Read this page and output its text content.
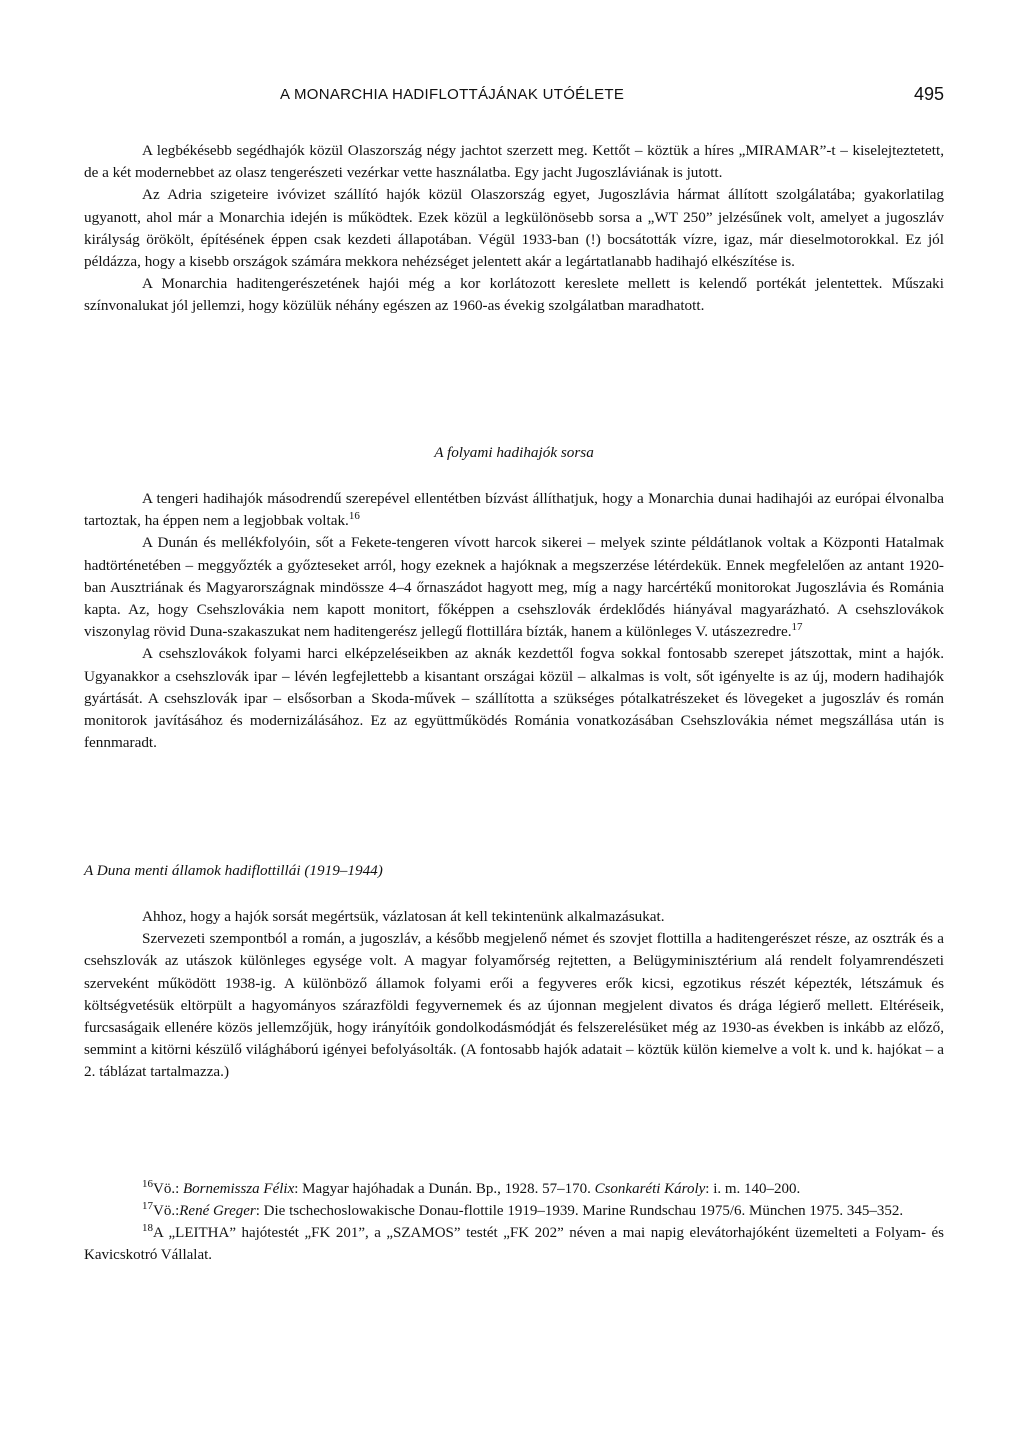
A MONARCHIA HADIFLOTTÁJÁNAK UTÓÉLETE	495

A legbékésebb segédhajók közül Olaszország négy jachtot szerzett meg. Kettőt – köztük a híres „MIRAMAR”-t – kiselejteztetett, de a két modernebbet az olasz tengerészeti vezérkar vette használatba. Egy jacht Jugoszláviának is jutott.

Az Adria szigeteire ivóvizet szállító hajók közül Olaszország egyet, Jugoszlávia hármat állított szolgálatába; gyakorlatilag ugyanott, ahol már a Monarchia idején is működtek. Ezek közül a legkülönösebb sorsa a „WT 250” jelzésűnek volt, amelyet a jugoszláv királyság örökölt, építésének éppen csak kezdeti állapotában. Végül 1933-ban (!) bocsátották vízre, igaz, már dieselmotorokkal. Ez jól példázza, hogy a kisebb országok számára mekkora nehézséget jelentett akár a legártatlanabb hadihajó elkészítése is.

A Monarchia haditengerészetének hajói még a kor korlátozott kereslete mellett is kelendő portékát jelentettek. Műszaki színvonalukat jól jellemzi, hogy közülük néhány egészen az 1960-as évekig szolgálatban maradhatott.

A folyami hadihajók sorsa

A tengeri hadihajók másodrendű szerepével ellentétben bízvást állíthatjuk, hogy a Monarchia dunai hadihajói az európai élvonalba tartoztak, ha éppen nem a legjobbak voltak.$^{16}$

A Dunán és mellékfolyóin, sőt a Fekete-tengeren vívott harcok sikerei – melyek szinte példátlanok voltak a Központi Hatalmak hadtörténetében – meggyőzték a győzteseket arról, hogy ezeknek a hajóknak a megszerzése létérdekük. Ennek megfelelően az antant 1920-ban Ausztriának és Magyarországnak mindössze 4–4 őrnaszádot hagyott meg, míg a nagy harcértékű monitorokat Jugoszlávia és Románia kapta. Az, hogy Csehszlovákia nem kapott monitort, főképpen a csehszlovák érdeklődés hiányával magyarázható. A csehszlovákok viszonylag rövid Duna-szakaszukat nem haditengerész jellegű flottillára bízták, hanem a különleges V. utászezredre.$^{17}$

A csehszlovákok folyami harci elképzeléseikben az aknák kezdettől fogva sokkal fontosabb szerepet játszottak, mint a hajók. Ugyanakkor a csehszlovák ipar – lévén legfejlettebb a kisantant országai közül – alkalmas is volt, sőt igényelte is az új, modern hadihajók gyártását. A csehszlovák ipar – elsősorban a Skoda-művek – szállította a szükséges pótalkatrészeket és lövegeket a jugoszláv és román monitorok javításához és modernizálásához. Ez az együttműködés Románia vonatkozásában Csehszlovákia német megszállása után is fennmaradt.

A Duna menti államok hadiflottillái (1919–1944)

Ahhoz, hogy a hajók sorsát megértsük, vázlatosan át kell tekintenünk alkalmazásukat.

Szervezeti szempontból a román, a jugoszláv, a később megjelenő német és szovjet flottilla a haditengerészet része, az osztrák és a csehszlovák az utászok különleges egysége volt. A magyar folyamőrség rejtetten, a Belügyminisztérium alá rendelt folyamrendészeti szerveként működött 1938-ig. A különböző államok folyami erői a fegyveres erők kicsi, egzotikus részét képezték, létszámuk és költségvetésük eltörpült a hagyományos szárazföldi fegyvernemek és az újonnan megjelent divatos és drága légierő mellett. Eltéréseik, furcsaságaik ellenére közös jellemzőjük, hogy irányítóik gondolkodásmódját és felszerelésüket még az 1930-as években is inkább az előző, semmint a kitörni készülő világháború igényei befolyásolták. (A fontosabb hajók adatait – köztük külön kiemelve a volt k. und k. hajókat – a 2. táblázat tartalmazza.)

$^{16}$Vö.: Bornemissza Félix: Magyar hajóhadak a Dunán. Bp., 1928. 57–170. Csonkaréti Károly: i. m. 140–200.

$^{17}$Vö.:René Greger: Die tschechoslowakische Donau-flottile 1919–1939. Marine Rundschau 1975/6. München 1975. 345–352.

$^{18}$A „LEITHA” hajótestét „FK 201”, a „SZAMOS” testét „FK 202” néven a mai napig elevátorhajóként üzemelteti a Folyam- és Kavicskotró Vállalat.
